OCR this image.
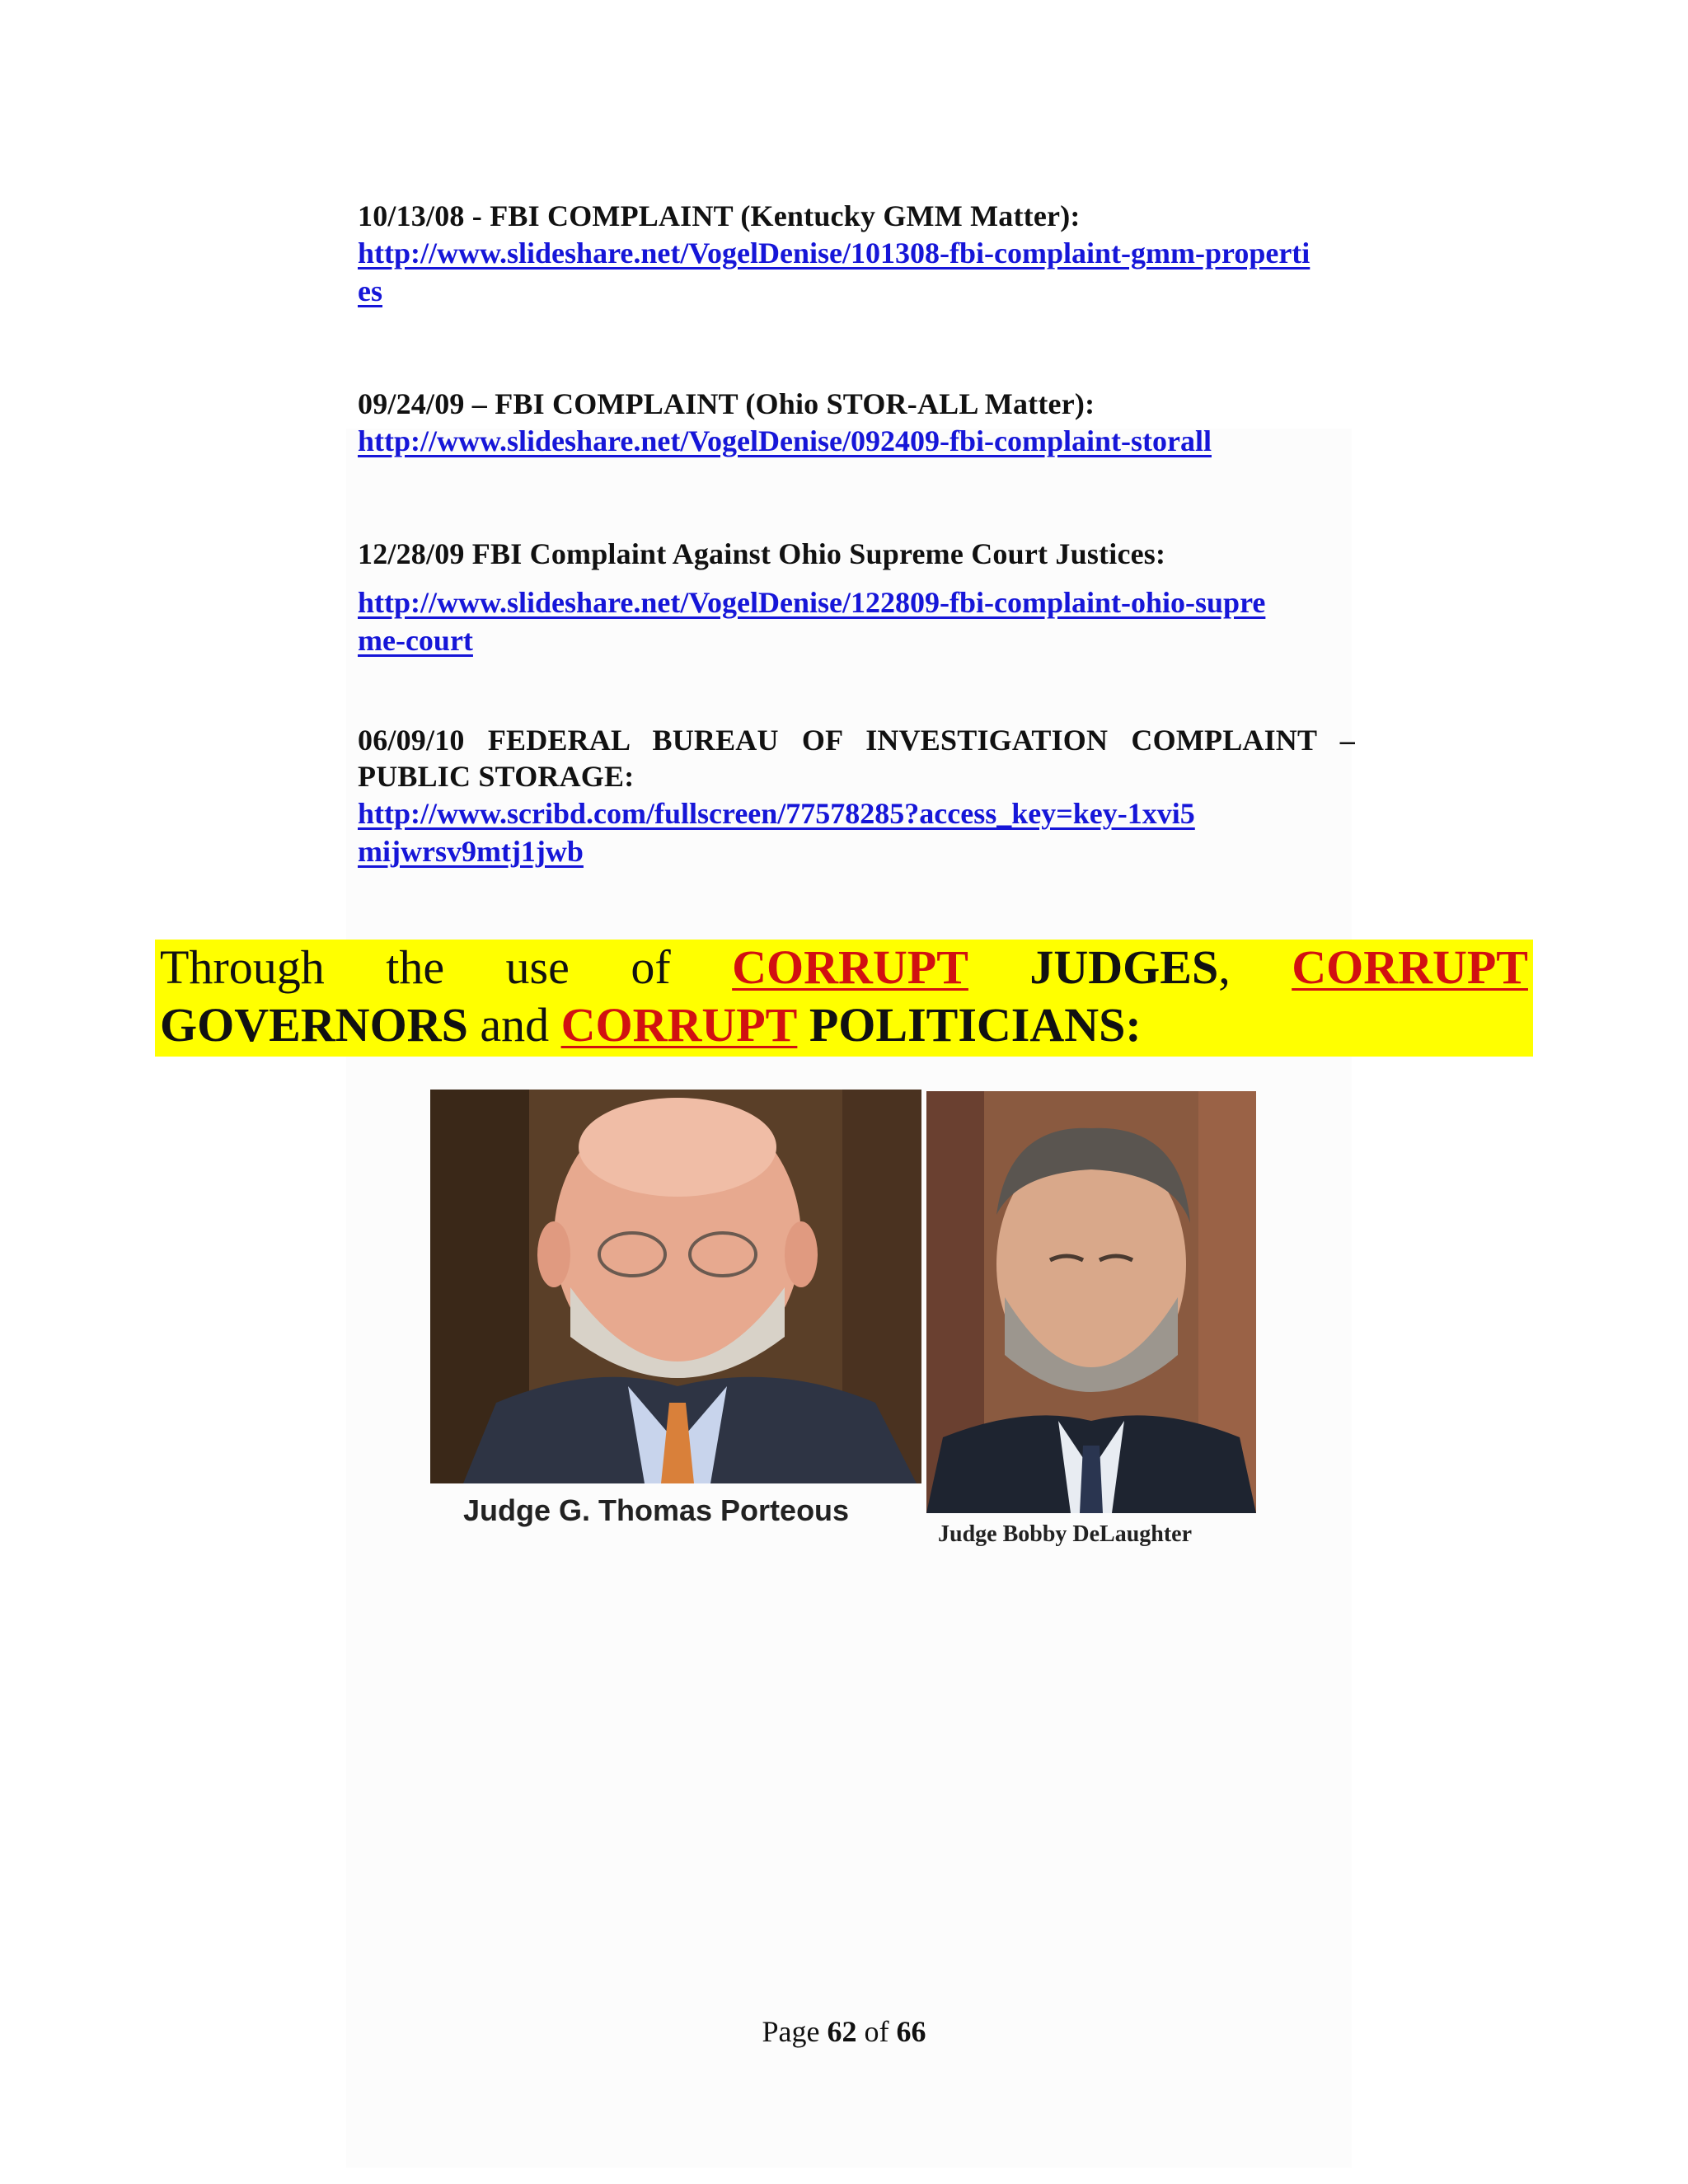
10/13/08 - FBI COMPLAINT (Kentucky GMM Matter):

http://www.slideshare.net/VogelDenise/101308-fbi-complaint-gmm-properties

09/24/09 – FBI COMPLAINT (Ohio STOR-ALL Matter):

http://www.slideshare.net/VogelDenise/092409-fbi-complaint-storall

12/28/09 FBI Complaint Against Ohio Supreme Court Justices:

http://www.slideshare.net/VogelDenise/122809-fbi-complaint-ohio-supreme-court

06/09/10 FEDERAL BUREAU OF INVESTIGATION COMPLAINT – PUBLIC STORAGE:

http://www.scribd.com/fullscreen/77578285?access_key=key-1xvi5mijwrsv9mtj1jwb
Through the use of CORRUPT JUDGES, CORRUPT
GOVERNORS and CORRUPT POLITICIANS:
Judge G. Thomas Porteous
Judge Bobby DeLaughter
Page 62 of 66
